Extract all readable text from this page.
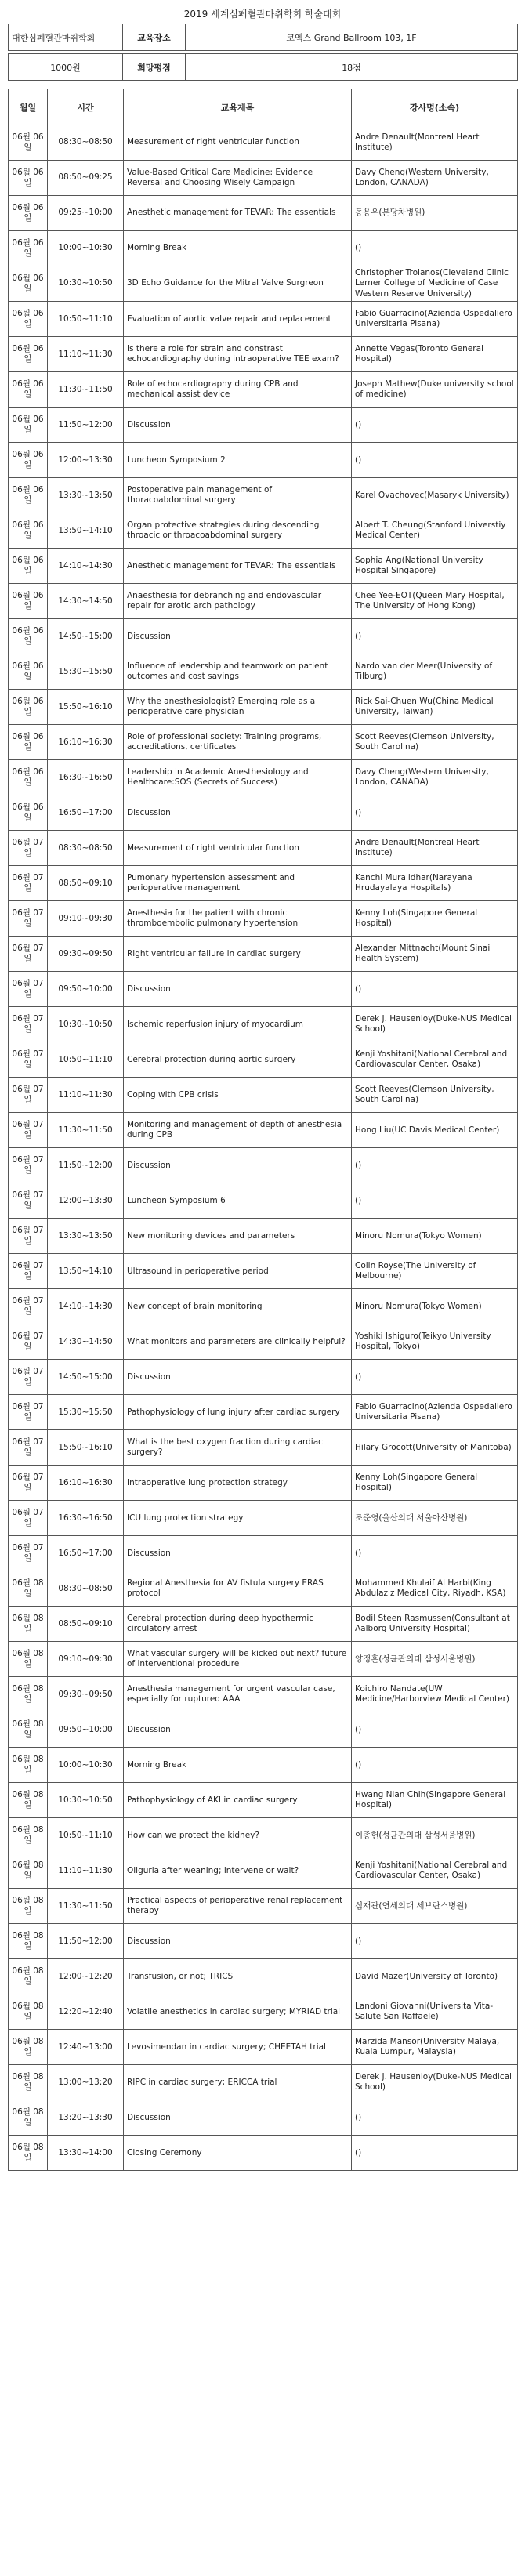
2019 세계심폐혈관마취학회 학술대회
대한심폐혈관마취학회	교육장소	코엑스 Grand Ballroom 103, 1F

1000원	희망평점	18점
월일	시간	교육제목	강사명(소속)
06월 06일	08:30~08:50	Measurement of right ventricular function	Andre Denault(Montreal Heart Institute)
06월 06일	08:50~09:25	Value-Based Critical Care Medicine: Evidence Reversal and Choosing Wisely Campaign	Davy Cheng(Western University, London, CANADA)
06월 06일	09:25~10:00	Anesthetic management for TEVAR: The essentials	동용우(분당차병원)
06월 06일	10:00~10:30	Morning Break	()
06월 06일	10:30~10:50	3D Echo Guidance for the Mitral Valve Surgreon	Christopher Troianos(Cleveland Clinic Lerner College of Medicine of Case Western Reserve University)
06월 06일	10:50~11:10	Evaluation of aortic valve repair and replacement	Fabio Guarracino(Azienda Ospedaliero Universitaria Pisana)
06월 06일	11:10~11:30	Is there a role for strain and constrast echocardiography during intraoperative TEE exam?	Annette Vegas(Toronto General Hospital)
06월 06일	11:30~11:50	Role of echocardiography during CPB and mechanical assist device	Joseph Mathew(Duke university school of medicine)
06월 06일	11:50~12:00	Discussion	()
06월 06일	12:00~13:30	Luncheon Symposium 2	()
06월 06일	13:30~13:50	Postoperative pain management of thoracoabdominal surgery	Karel Ovachovec(Masaryk University)
06월 06일	13:50~14:10	Organ protective strategies during descending throacic or throacoabdominal surgery	Albert T. Cheung(Stanford Universtiy Medical Center)
06월 06일	14:10~14:30	Anesthetic management for TEVAR: The essentials	Sophia Ang(National University Hospital Singapore)
06월 06일	14:30~14:50	Anaesthesia for debranching and endovascular repair for arotic arch pathology	Chee Yee-EOT(Queen Mary Hospital, The University of Hong Kong)
06월 06일	14:50~15:00	Discussion	()
06월 06일	15:30~15:50	Influence of leadership and teamwork on patient outcomes and cost savings	Nardo van der Meer(University of Tilburg)
06월 06일	15:50~16:10	Why the anesthesiologist? Emerging role as a perioperative care physician	Rick Sai-Chuen Wu(China Medical University, Taiwan)
06월 06일	16:10~16:30	Role of professional society: Training programs, accreditations, certificates	Scott Reeves(Clemson University, South Carolina)
06월 06일	16:30~16:50	Leadership in Academic Anesthesiology and Healthcare:SOS (Secrets of Success)	Davy Cheng(Western University, London, CANADA)
06월 06일	16:50~17:00	Discussion	()
06월 07일	08:30~08:50	Measurement of right ventricular function	Andre Denault(Montreal Heart Institute)
06월 07일	08:50~09:10	Pumonary hypertension assessment and perioperative management	Kanchi Muralidhar(Narayana Hrudayalaya Hospitals)
06월 07일	09:10~09:30	Anesthesia for the patient with chronic thromboembolic pulmonary hypertension	Kenny Loh(Singapore General Hospital)
06월 07일	09:30~09:50	Right ventricular failure in cardiac surgery	Alexander Mittnacht(Mount Sinai Health System)
06월 07일	09:50~10:00	Discussion	()
06월 07일	10:30~10:50	Ischemic reperfusion injury of myocardium	Derek J. Hausenloy(Duke-NUS Medical School)
06월 07일	10:50~11:10	Cerebral protection during aortic surgery	Kenji Yoshitani(National Cerebral and Cardiovascular Center, Osaka)
06월 07일	11:10~11:30	Coping with CPB crisis	Scott Reeves(Clemson University, South Carolina)
06월 07일	11:30~11:50	Monitoring and management of depth of anesthesia during CPB	Hong Liu(UC Davis Medical Center)
06월 07일	11:50~12:00	Discussion	()
06월 07일	12:00~13:30	Luncheon Symposium 6	()
06월 07일	13:30~13:50	New monitoring devices and parameters	Minoru Nomura(Tokyo Women)
06월 07일	13:50~14:10	Ultrasound in perioperative period	Colin Royse(The University of Melbourne)
06월 07일	14:10~14:30	New concept of brain monitoring	Minoru Nomura(Tokyo Women)
06월 07일	14:30~14:50	What monitors and parameters are clinically helpful?	Yoshiki Ishiguro(Teikyo University Hospital, Tokyo)
06월 07일	14:50~15:00	Discussion	()
06월 07일	15:30~15:50	Pathophysiology of lung injury after cardiac surgery	Fabio Guarracino(Azienda Ospedaliero Universitaria Pisana)
06월 07일	15:50~16:10	What is the best oxygen fraction during cardiac surgery?	Hilary Grocott(University of Manitoba)
06월 07일	16:10~16:30	Intraoperative lung protection strategy	Kenny Loh(Singapore General Hospital)
06월 07일	16:30~16:50	ICU lung protection strategy	조준영(울산의대 서울아산병원)
06월 07일	16:50~17:00	Discussion	()
06월 08일	08:30~08:50	Regional Anesthesia for AV fistula surgery ERAS protocol	Mohammed Khulaif Al Harbi(King Abdulaziz Medical City, Riyadh, KSA)
06월 08일	08:50~09:10	Cerebral protection during deep hypothermic circulatory arrest	Bodil Steen Rasmussen(Consultant at Aalborg University Hospital)
06월 08일	09:10~09:30	What vascular surgery will be kicked out next? future of interventional procedure	양정훈(성균관의대 삼성서울병원)
06월 08일	09:30~09:50	Anesthesia management for urgent vascular case, especially for ruptured AAA	Koichiro Nandate(UW Medicine/Harborview Medical Center)
06월 08일	09:50~10:00	Discussion	()
06월 08일	10:00~10:30	Morning Break	()
06월 08일	10:30~10:50	Pathophysiology of AKI in cardiac surgery	Hwang Nian Chih(Singapore General Hospital)
06월 08일	10:50~11:10	How can we protect the kidney?	이종헌(성균관의대 삼성서울병원)
06월 08일	11:10~11:30	Oliguria after weaning; intervene or wait?	Kenji Yoshitani(National Cerebral and Cardiovascular Center, Osaka)
06월 08일	11:30~11:50	Practical aspects of perioperative renal replacement therapy	심재관(연세의대 세브란스병원)
06월 08일	11:50~12:00	Discussion	()
06월 08일	12:00~12:20	Transfusion, or not; TRICS	David Mazer(University of Toronto)
06월 08일	12:20~12:40	Volatile anesthetics in cardiac surgery; MYRIAD trial	Landoni Giovanni(Universita Vita-Salute San Raffaele)
06월 08일	12:40~13:00	Levosimendan in cardiac surgery; CHEETAH trial	Marzida Mansor(University Malaya, Kuala Lumpur, Malaysia)
06월 08일	13:00~13:20	RIPC in cardiac surgery; ERICCA trial	Derek J. Hausenloy(Duke-NUS Medical School)
06월 08일	13:20~13:30	Discussion	()
06월 08일	13:30~14:00	Closing Ceremony	()
